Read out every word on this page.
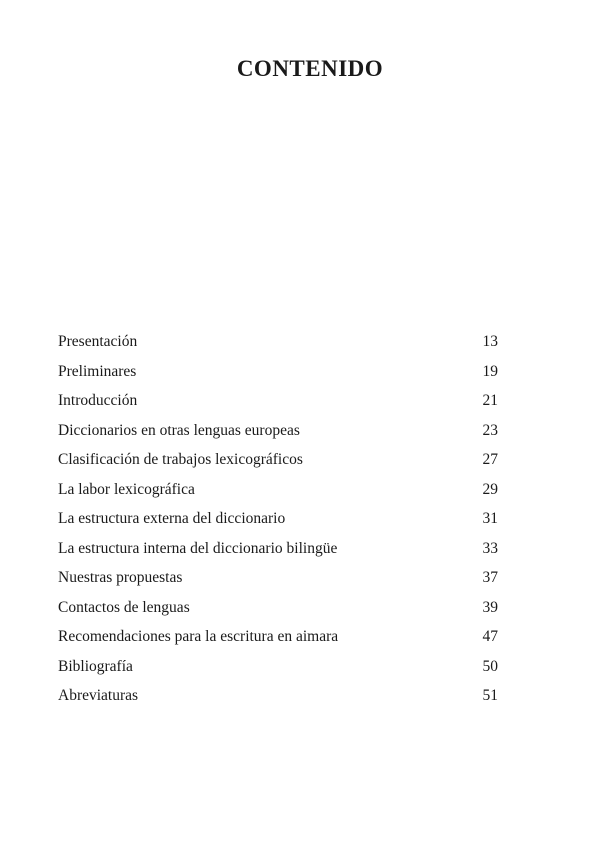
CONTENIDO
Presentación	13
Preliminares	19
Introducción	21
Diccionarios en otras lenguas europeas	23
Clasificación de trabajos lexicográficos	27
La labor lexicográfica	29
La estructura externa del diccionario	31
La estructura interna del diccionario bilingüe	33
Nuestras propuestas	37
Contactos de lenguas	39
Recomendaciones para la escritura en aimara	47
Bibliografía	50
Abreviaturas	51
